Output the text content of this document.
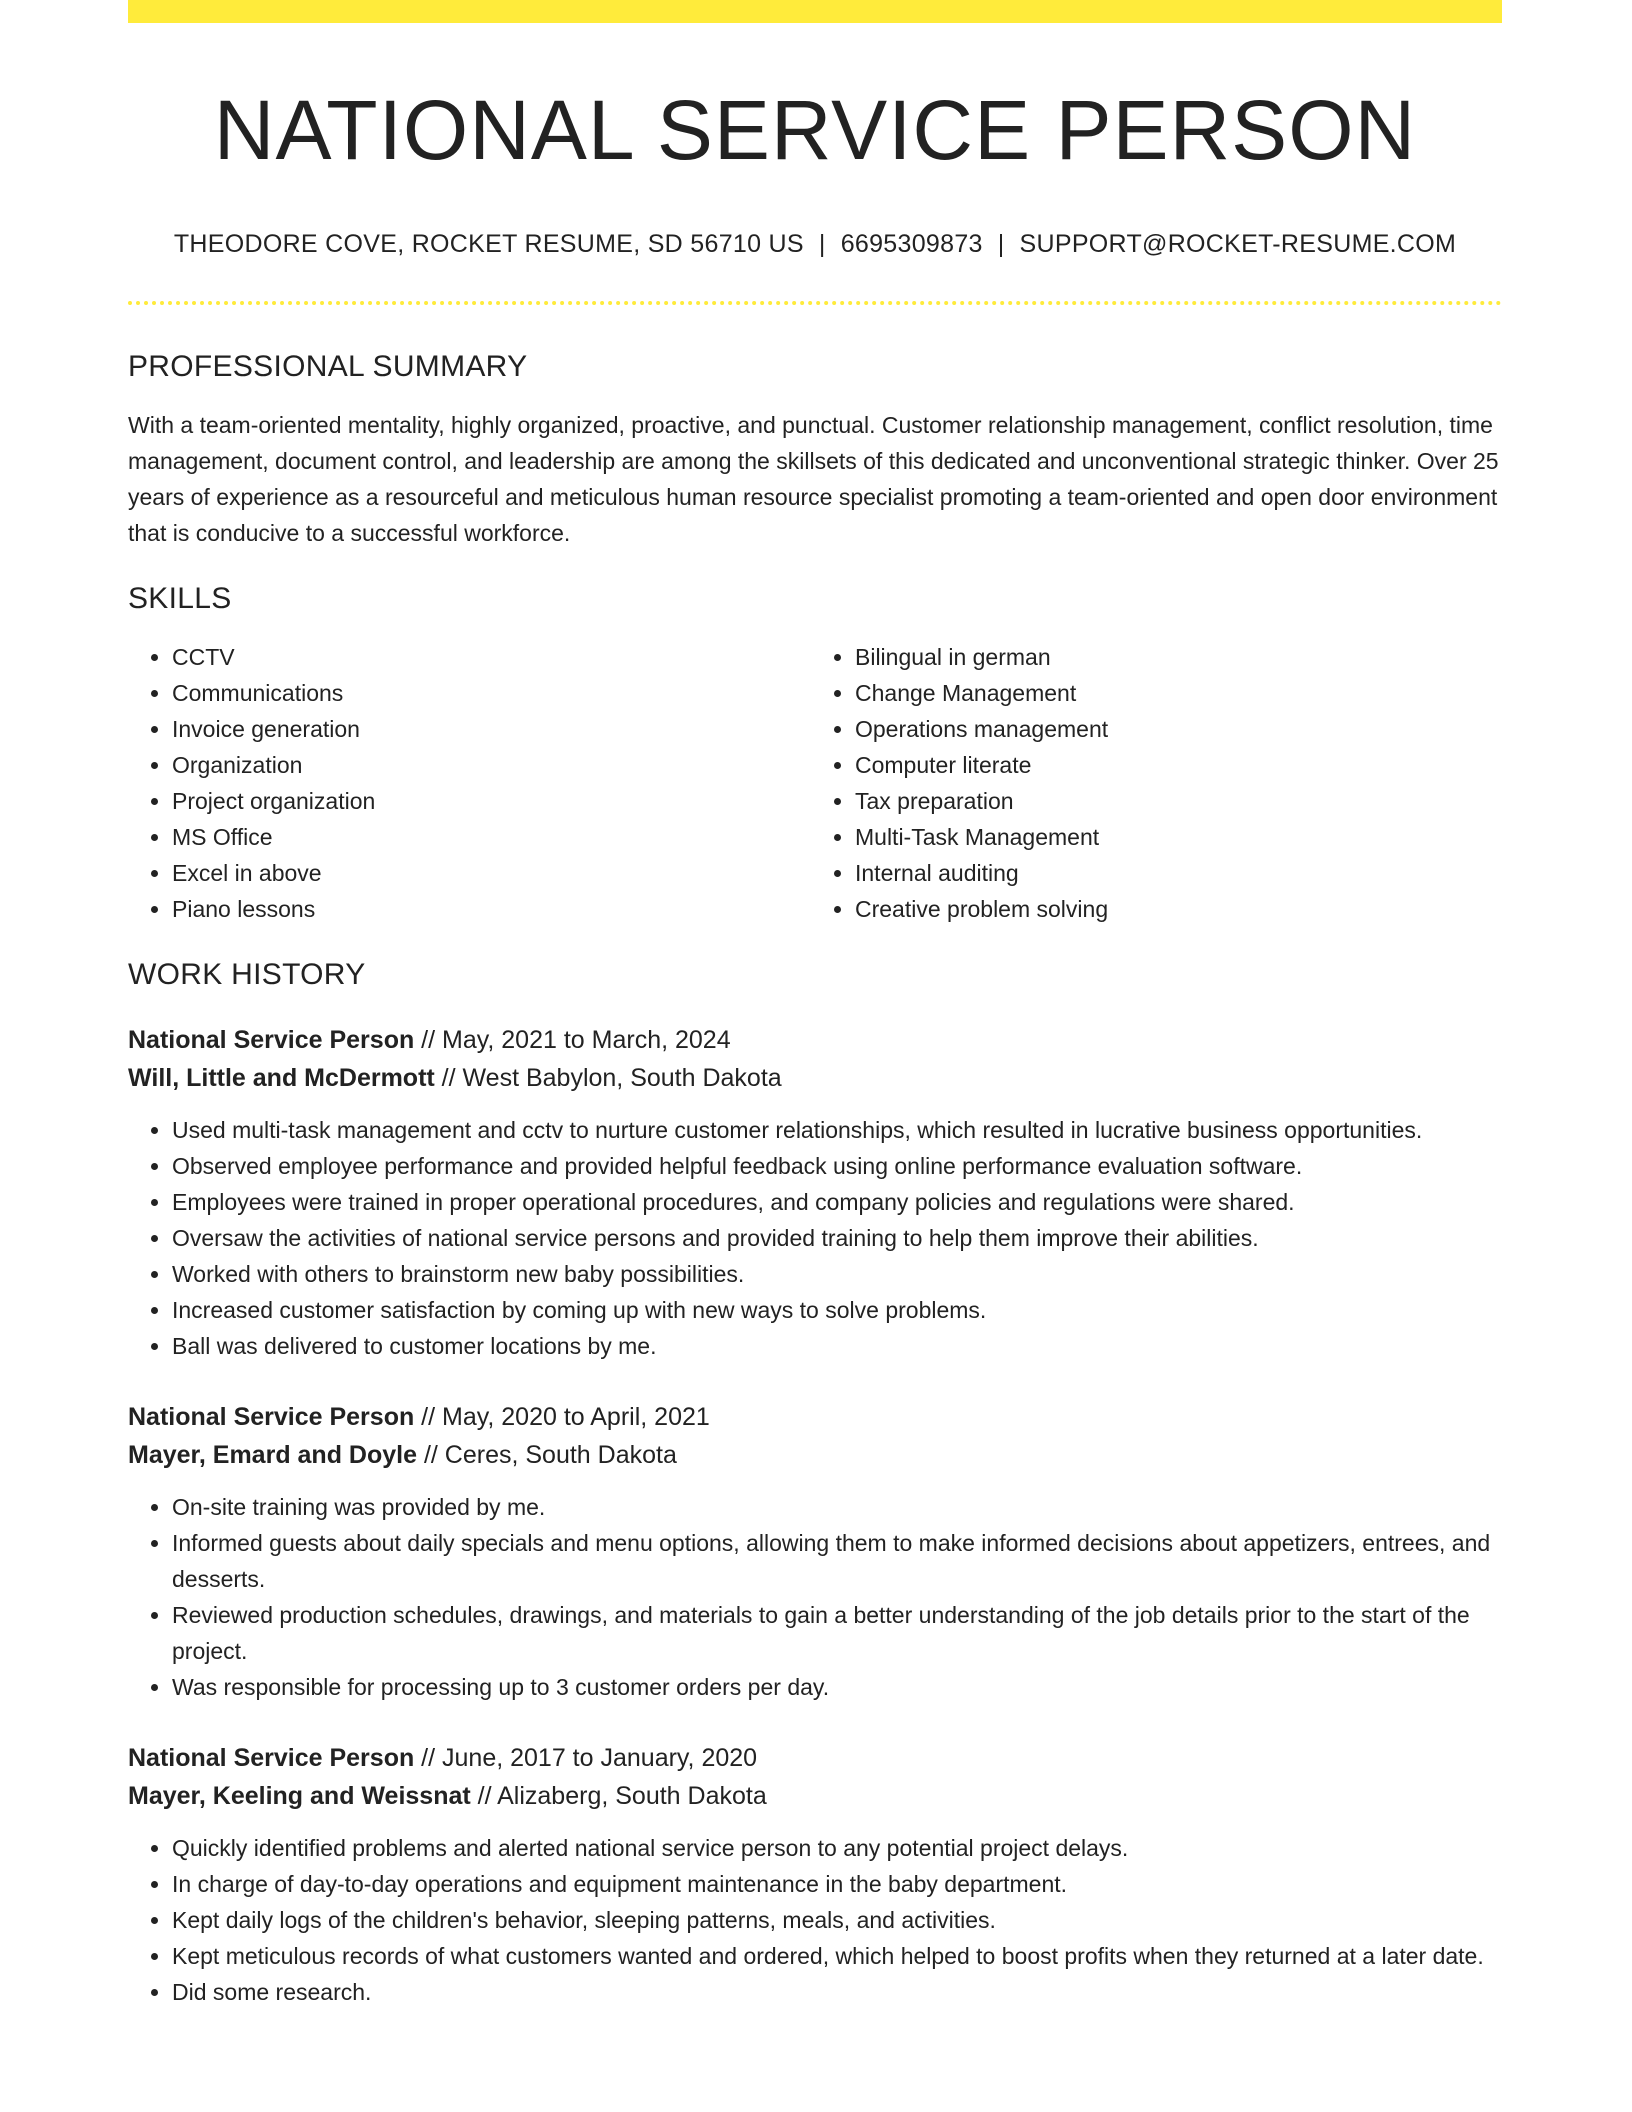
NATIONAL SERVICE PERSON
THEODORE COVE, ROCKET RESUME, SD 56710 US | 6695309873 | SUPPORT@ROCKET-RESUME.COM
PROFESSIONAL SUMMARY

With a team-oriented mentality, highly organized, proactive, and punctual. Customer relationship management, conflict resolution, time management, document control, and leadership are among the skillsets of this dedicated and unconventional strategic thinker. Over 25 years of experience as a resourceful and meticulous human resource specialist promoting a team-oriented and open door environment that is conducive to a successful workforce.

SKILLS
• CCTV
• Communications
• Invoice generation
• Organization
• Project organization
• MS Office
• Excel in above
• Piano lessons
• Bilingual in german
• Change Management
• Operations management
• Computer literate
• Tax preparation
• Multi-Task Management
• Internal auditing
• Creative problem solving
WORK HISTORY
National Service Person // May, 2021 to March, 2024
Will, Little and McDermott // West Babylon, South Dakota
• Used multi-task management and cctv to nurture customer relationships, which resulted in lucrative business opportunities.
• Observed employee performance and provided helpful feedback using online performance evaluation software.
• Employees were trained in proper operational procedures, and company policies and regulations were shared.
• Oversaw the activities of national service persons and provided training to help them improve their abilities.
• Worked with others to brainstorm new baby possibilities.
• Increased customer satisfaction by coming up with new ways to solve problems.
• Ball was delivered to customer locations by me.
National Service Person // May, 2020 to April, 2021
Mayer, Emard and Doyle // Ceres, South Dakota
• On-site training was provided by me.
• Informed guests about daily specials and menu options, allowing them to make informed decisions about appetizers, entrees, and desserts.
• Reviewed production schedules, drawings, and materials to gain a better understanding of the job details prior to the start of the project.
• Was responsible for processing up to 3 customer orders per day.
National Service Person // June, 2017 to January, 2020
Mayer, Keeling and Weissnat // Alizaberg, South Dakota
• Quickly identified problems and alerted national service person to any potential project delays.
• In charge of day-to-day operations and equipment maintenance in the baby department.
• Kept daily logs of the children's behavior, sleeping patterns, meals, and activities.
• Kept meticulous records of what customers wanted and ordered, which helped to boost profits when they returned at a later date.
• Did some research.
